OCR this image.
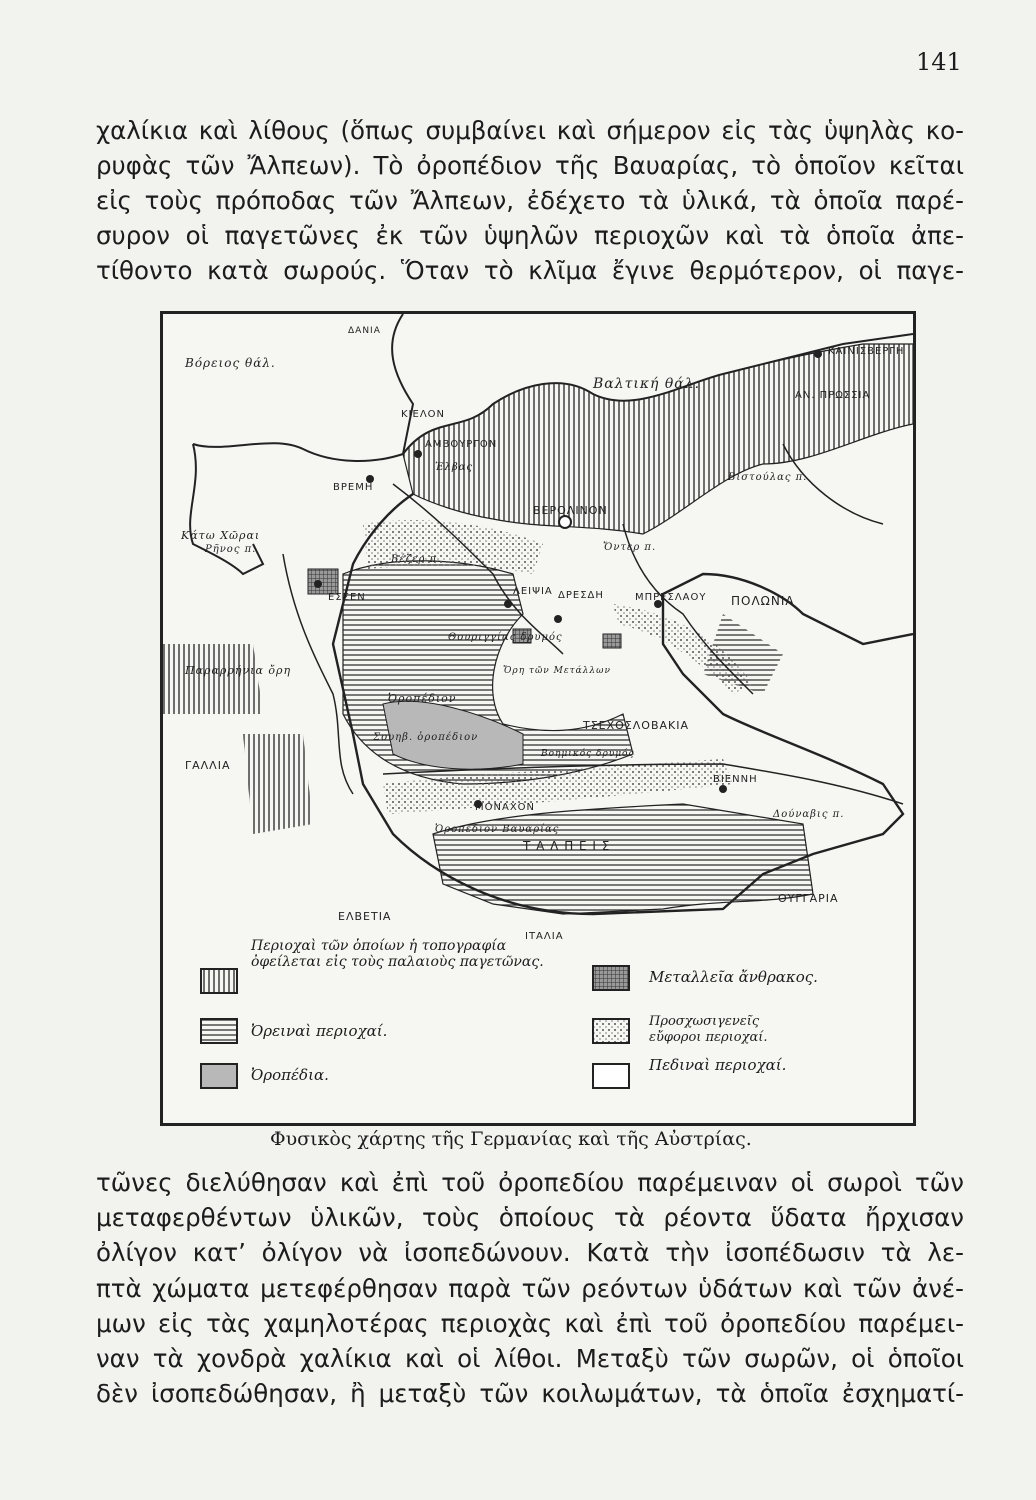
141
χαλίκια καὶ λίθους (ὅπως συμβαίνει καὶ σήμερον εἰς τὰς ὑψηλὰς κο-
ρυφὰς τῶν Ἄλπεων). Τὸ ὀροπέδιον τῆς Βαυαρίας, τὸ ὁποῖον κεῖται
εἰς τοὺς πρόποδας τῶν Ἄλπεων, ἐδέχετο τὰ ὑλικά, τὰ ὁποῖα παρέ-
συρον οἱ παγετῶνες ἐκ τῶν ὑψηλῶν περιοχῶν καὶ τὰ ὁποῖα ἀπε-
τίθοντο κατὰ σωρούς. Ὅταν τὸ κλῖμα ἔγινε θερμότερον, οἱ παγε-
Βόρειος θάλ.
Βαλτική θάλ.
ΔΑΝΙΑ
ΚΑΙΝΙΣΒΕΡΓΗ
ΑΝ. ΠΡΩΣΣΙΑ
ΚΙΕΛΟΝ
ΑΜΒΟΥΡΓΟΝ
ΒΡΕΜΗ
Ἐλβας
ΒΕΡΟΛΙΝΟΝ
Βιστούλας π.
Ὄντερ π.
Κάτω Χῶραι
Ρῆνος π.
Βέζερ π.
ΕΣΣΕΝ
ΛΕΙΨΙΑ ΔΡΕΣΔΗ	ΜΠΡΕΣΛΑΟΥ ΠΟΛΩΝΙΑ
Θουριγγίας δρυμός
Ὄρη τῶν Μετάλλων
Παραρρήνια ὄρη
Ὀροπέδιον
Σουηβ. ὁροπέδιον
ΤΣΕΧΟΣΛΟΒΑΚΙΑ
Βοημικός δρυμός
ΓΑΛΛΙΑ
Δούναβις π.
ΜΟΝΑΧΟΝ
Ὀροπέδιον Βαυαρίας
Τ Α Λ Π Ε Ι Σ
ΒΙΕΝΝΗ
ΟΥΓΓΑΡΙΑ
ΕΛΒΕΤΙΑ
ΙΤΑΛΙΑ
Περιοχαὶ τῶν ὁποίων ἡ τοπογραφία ὀφείλεται εἰς τοὺς παλαιοὺς παγετῶνας.
Ὀρειναὶ περιοχαί.
Ὀροπέδια.
Μεταλλεῖα ἄνθρακος.
Προσχωσιγενεῖς εὔφοροι περιοχαί.
Πεδιναὶ περιοχαί.
Φυσικὸς χάρτης τῆς Γερμανίας καὶ τῆς Αὐστρίας.
τῶνες διελύθησαν καὶ ἐπὶ τοῦ ὀροπεδίου παρέμειναν οἱ σωροὶ τῶν
μεταφερθέντων ὑλικῶν, τοὺς ὁποίους τὰ ρέοντα ὕδατα ἤρχισαν
ὀλίγον κατ’ ὀλίγον νὰ ἰσοπεδώνουν. Κατὰ τὴν ἰσοπέδωσιν τὰ λε-
πτὰ χώματα μετεφέρθησαν παρὰ τῶν ρεόντων ὑδάτων καὶ τῶν ἀνέ-
μων εἰς τὰς χαμηλοτέρας περιοχὰς καὶ ἐπὶ τοῦ ὀροπεδίου παρέμει-
ναν τὰ χονδρὰ χαλίκια καὶ οἱ λίθοι. Μεταξὺ τῶν σωρῶν, οἱ ὁποῖοι
δὲν ἰσοπεδώθησαν, ἢ μεταξὺ τῶν κοιλωμάτων, τὰ ὁποῖα ἐσχηματί-
